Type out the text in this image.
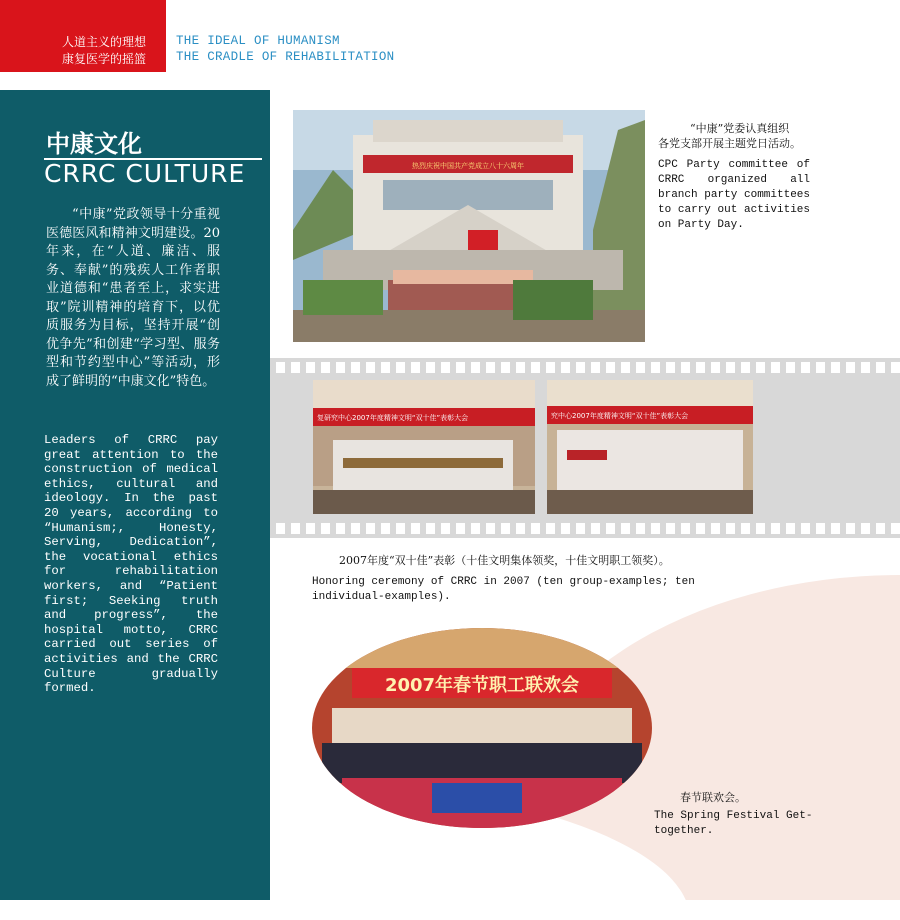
人道主义的理想
康复医学的摇篮
THE IDEAL OF HUMANISM
THE CRADLE OF REHABILITATION
中康文化
CRRC CULTURE
“中康”党政领导十分重视医德医风和精神文明建设。20年来，在“人道、廉洁、服务、奉献”的残疾人工作者职业道德和“患者至上，求实进取”院训精神的培育下，以优质服务为目标，坚持开展“创优争先”和创建“学习型、服务型和节约型中心”等活动，形成了鲜明的“中康文化”特色。
Leaders of CRRC pay great attention to the construction of medical ethics, cultural and ideology. In the past 20 years, according to “Humanism;, Honesty, Serving, Dedication”, the vocational ethics for rehabilitation workers, and “Patient first; Seeking truth and progress”, the hospital motto, CRRC carried out series of activities and the CRRC Culture gradually formed.
热烈庆祝中国共产党成立八十六周年
“中康”党委认真组织
各党支部开展主题党日活动。
CPC Party committee of CRRC organized all branch party committees to carry out activities on Party Day.
复研究中心2007年度精神文明“双十佳”表彰大会	究中心2007年度精神文明“双十佳”表彰大会
2007年度“双十佳”表彰（十佳文明集体领奖，十佳文明职工领奖）。
Honoring ceremony of CRRC in 2007 (ten group-examples; ten individual-examples).
2007年春节职工联欢会
春节联欢会。
The Spring Festival Get-together.
